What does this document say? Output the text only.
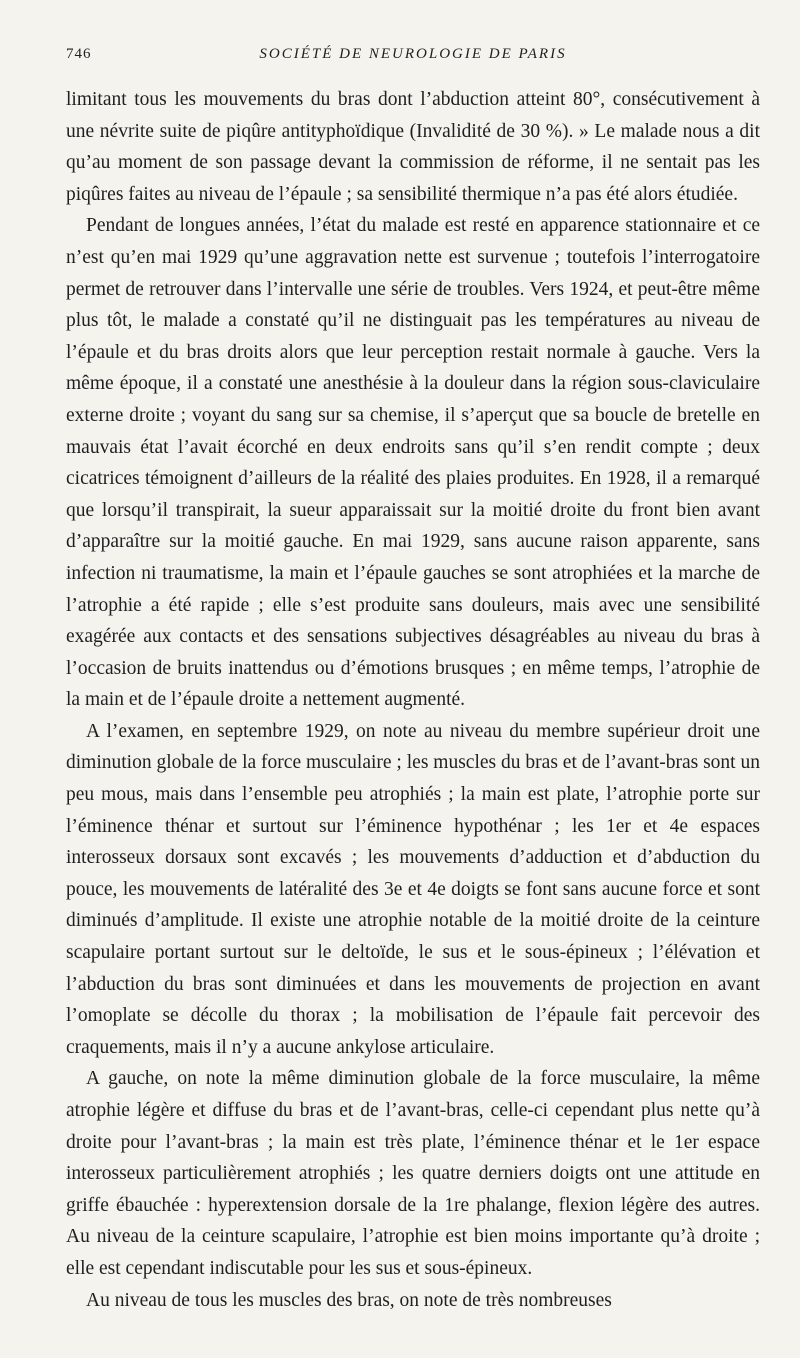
746	SOCIÉTÉ DE NEUROLOGIE DE PARIS

limitant tous les mouvements du bras dont l’abduction atteint 80°, consécutivement à une névrite suite de piqûre antityphoïdique (Invalidité de 30 %). » Le malade nous a dit qu’au moment de son passage devant la commission de réforme, il ne sentait pas les piqûres faites au niveau de l’épaule ; sa sensibilité thermique n’a pas été alors étudiée.

Pendant de longues années, l’état du malade est resté en apparence stationnaire et ce n’est qu’en mai 1929 qu’une aggravation nette est survenue ; toutefois l’interrogatoire permet de retrouver dans l’intervalle une série de troubles. Vers 1924, et peut-être même plus tôt, le malade a constaté qu’il ne distinguait pas les températures au niveau de l’épaule et du bras droits alors que leur perception restait normale à gauche. Vers la même époque, il a constaté une anesthésie à la douleur dans la région sous-claviculaire externe droite ; voyant du sang sur sa chemise, il s’aperçut que sa boucle de bretelle en mauvais état l’avait écorché en deux endroits sans qu’il s’en rendit compte ; deux cicatrices témoignent d’ailleurs de la réalité des plaies produites. En 1928, il a remarqué que lorsqu’il transpirait, la sueur apparaissait sur la moitié droite du front bien avant d’apparaître sur la moitié gauche. En mai 1929, sans aucune raison apparente, sans infection ni traumatisme, la main et l’épaule gauches se sont atrophiées et la marche de l’atrophie a été rapide ; elle s’est produite sans douleurs, mais avec une sensibilité exagérée aux contacts et des sensations subjectives désagréables au niveau du bras à l’occasion de bruits inattendus ou d’émotions brusques ; en même temps, l’atrophie de la main et de l’épaule droite a nettement augmenté.

A l’examen, en septembre 1929, on note au niveau du membre supérieur droit une diminution globale de la force musculaire ; les muscles du bras et de l’avant-bras sont un peu mous, mais dans l’ensemble peu atrophiés ; la main est plate, l’atrophie porte sur l’éminence thénar et surtout sur l’éminence hypothénar ; les 1er et 4e espaces interosseux dorsaux sont excavés ; les mouvements d’adduction et d’abduction du pouce, les mouvements de latéralité des 3e et 4e doigts se font sans aucune force et sont diminués d’amplitude. Il existe une atrophie notable de la moitié droite de la ceinture scapulaire portant surtout sur le deltoïde, le sus et le sous-épineux ; l’élévation et l’abduction du bras sont diminuées et dans les mouvements de projection en avant l’omoplate se décolle du thorax ; la mobilisation de l’épaule fait percevoir des craquements, mais il n’y a aucune ankylose articulaire.

A gauche, on note la même diminution globale de la force musculaire, la même atrophie légère et diffuse du bras et de l’avant-bras, celle-ci cependant plus nette qu’à droite pour l’avant-bras ; la main est très plate, l’éminence thénar et le 1er espace interosseux particulièrement atrophiés ; les quatre derniers doigts ont une attitude en griffe ébauchée : hyperextension dorsale de la 1re phalange, flexion légère des autres. Au niveau de la ceinture scapulaire, l’atrophie est bien moins importante qu’à droite ; elle est cependant indiscutable pour les sus et sous-épineux.

Au niveau de tous les muscles des bras, on note de très nombreuses
